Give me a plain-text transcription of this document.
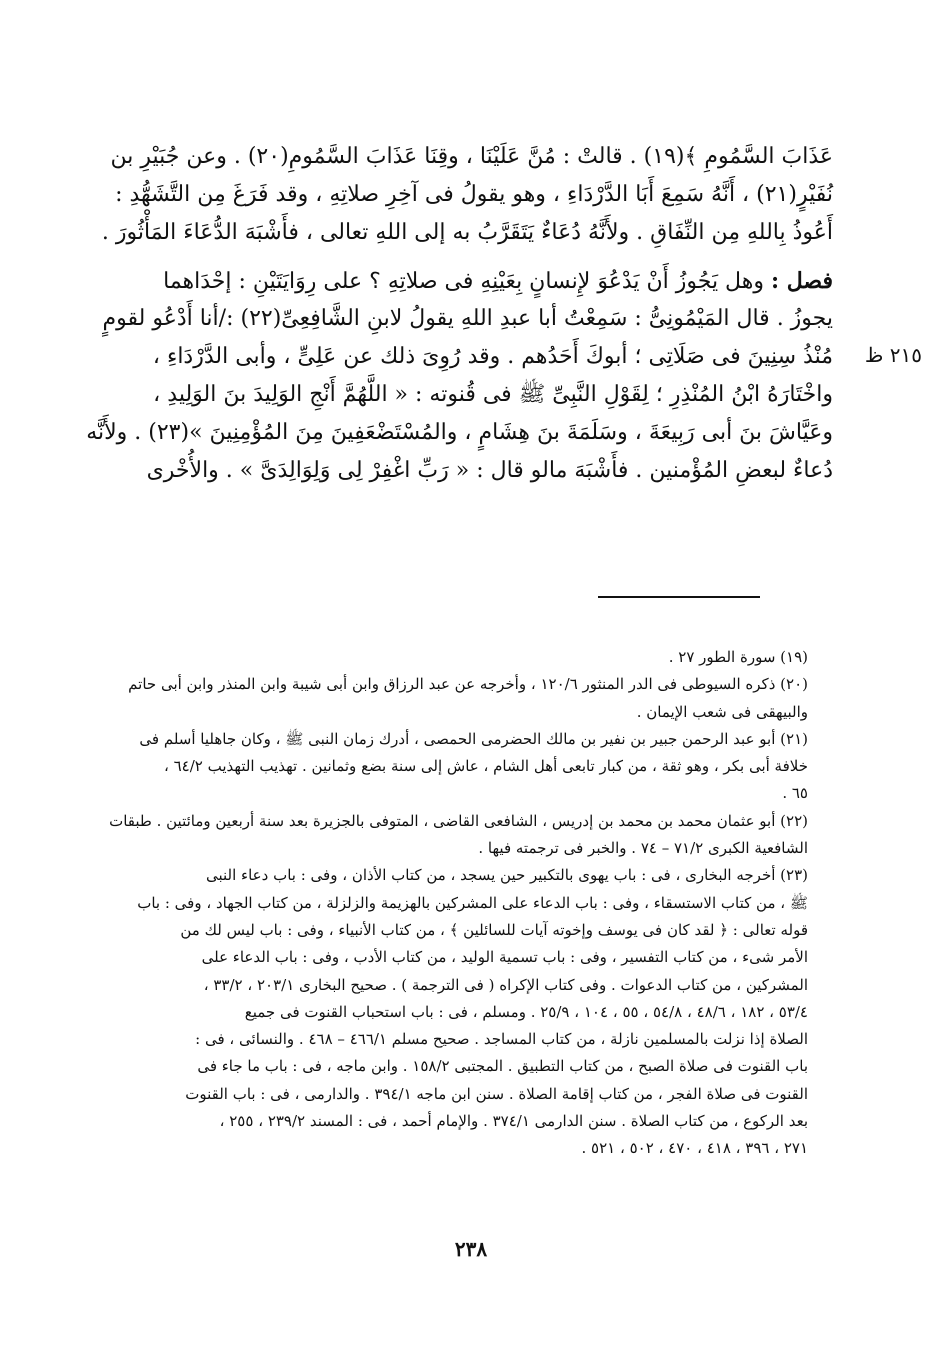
عَذَابَ السَّمُومِ ﴾(١٩) . قالتْ : مُنَّ عَلَيْنَا ، وقِنَا عَذَابَ السَّمُومِ(٢٠) . وعن جُبَيْرِ بن
نُفَيْرٍ(٢١) ، أَنَّهُ سَمِعَ أَبَا الدَّرْدَاءِ ، وهو يقولُ فى آخِرِ صلاتِهِ ، وقد فَرَغَ مِن التَّشَهُّدِ :
أَعُوذُ بِاللهِ مِن النِّفَاقِ . ولأَنَّهُ دُعَاءٌ يَتَقَرَّبُ به إلى اللهِ تعالى ، فأَشْبَهَ الدُّعَاءَ المَأْثُورَ .
فصل : وهل يَجُوزُ أَنْ يَدْعُوَ لإِنسانٍ بِعَيْنِهِ فى صلاتِهِ ؟ على رِوَايَتَيْنِ : إحْدَاهما
يجوزُ . قال المَيْمُونِىُّ : سَمِعْتُ أبا عبدِ اللهِ يقولُ لابنِ الشَّافِعِىِّ(٢٢) :/أنا أَدْعُو لقومٍ
مُنْذُ سِنِينَ فى صَلَاتِى ؛ أبوكَ أَحَدُهم . وقد رُوِىَ ذلك عن عَلِىٍّ ، وأبى الدَّرْدَاءِ ،
واخْتَارَهُ ابْنُ المُنْذِرِ ؛ لِقَوْلِ النَّبِىِّ ﷺ فى قُنوته : « اللَّهُمَّ أَنْجِ الوَلِيدَ بنَ الوَلِيدِ ،
وعَيَّاشَ بنَ أبى رَبِيعَةَ ، وسَلَمَةَ بنَ هِشَامٍ ، والمُسْتَضْعَفِينَ مِنَ المُؤْمِنِينَ »(٢٣) . ولأَنَّه
دُعاءٌ لبعضِ المُؤْمنين . فأَشْبَهَ مالو قال : « رَبِّ اغْفِرْ لِى وَلِوَالِدَىَّ » . والأُخْرى
٢١٥ ظ
(١٩) سورة الطور ٢٧ .
(٢٠) ذكره السيوطى فى الدر المنثور ١٢٠/٦ ، وأخرجه عن عبد الرزاق وابن أبى شيبة وابن المنذر وابن أبى حاتم
والبيهقى فى شعب الإيمان .
(٢١) أبو عبد الرحمن جبير بن نفير بن مالك الحضرمى الحمصى ، أدرك زمان النبى ﷺ ، وكان جاهليا أسلم فى
خلافة أبى بكر ، وهو ثقة ، من كبار تابعى أهل الشام ، عاش إلى سنة بضع وثمانين . تهذيب التهذيب ٦٤/٢ ،
٦٥ .
(٢٢) أبو عثمان محمد بن محمد بن إدريس ، الشافعى القاضى ، المتوفى بالجزيرة بعد سنة أربعين ومائتين . طبقات
الشافعية الكبرى ٧١/٢ – ٧٤ . والخبر فى ترجمته فيها .
(٢٣) أخرجه البخارى ، فى : باب يهوى بالتكبير حين يسجد ، من كتاب الأذان ، وفى : باب دعاء النبى
ﷺ ، من كتاب الاستسقاء ، وفى : باب الدعاء على المشركين بالهزيمة والزلزلة ، من كتاب الجهاد ، وفى : باب
قوله تعالى : ﴿ لقد كان فى يوسف وإخوته آيات للسائلين ﴾ ، من كتاب الأنبياء ، وفى : باب ليس لك من
الأمر شىء ، من كتاب التفسير ، وفى : باب تسمية الوليد ، من كتاب الأدب ، وفى : باب الدعاء على
المشركين ، من كتاب الدعوات . وفى كتاب الإكراه ( فى الترجمة ) . صحيح البخارى ٢٠٣/١ ، ٣٣/٢ ،
٥٣/٤ ، ١٨٢ ، ٤٨/٦ ، ٥٤/٨ ، ٥٥ ، ١٠٤ ، ٢٥/٩ . ومسلم ، فى : باب استحباب القنوت فى جميع
الصلاة إذا نزلت بالمسلمين نازلة ، من كتاب المساجد . صحيح مسلم ٤٦٦/١ – ٤٦٨ . والنسائى ، فى :
باب القنوت فى صلاة الصبح ، من كتاب التطبيق . المجتبى ١٥٨/٢ . وابن ماجه ، فى : باب ما جاء فى
القنوت فى صلاة الفجر ، من كتاب إقامة الصلاة . سنن ابن ماجه ٣٩٤/١ . والدارمى ، فى : باب القنوت
بعد الركوع ، من كتاب الصلاة . سنن الدارمى ٣٧٤/١ . والإمام أحمد ، فى : المسند ٢٣٩/٢ ، ٢٥٥ ،
٢٧١ ، ٣٩٦ ، ٤١٨ ، ٤٧٠ ، ٥٠٢ ، ٥٢١ .
٢٣٨
